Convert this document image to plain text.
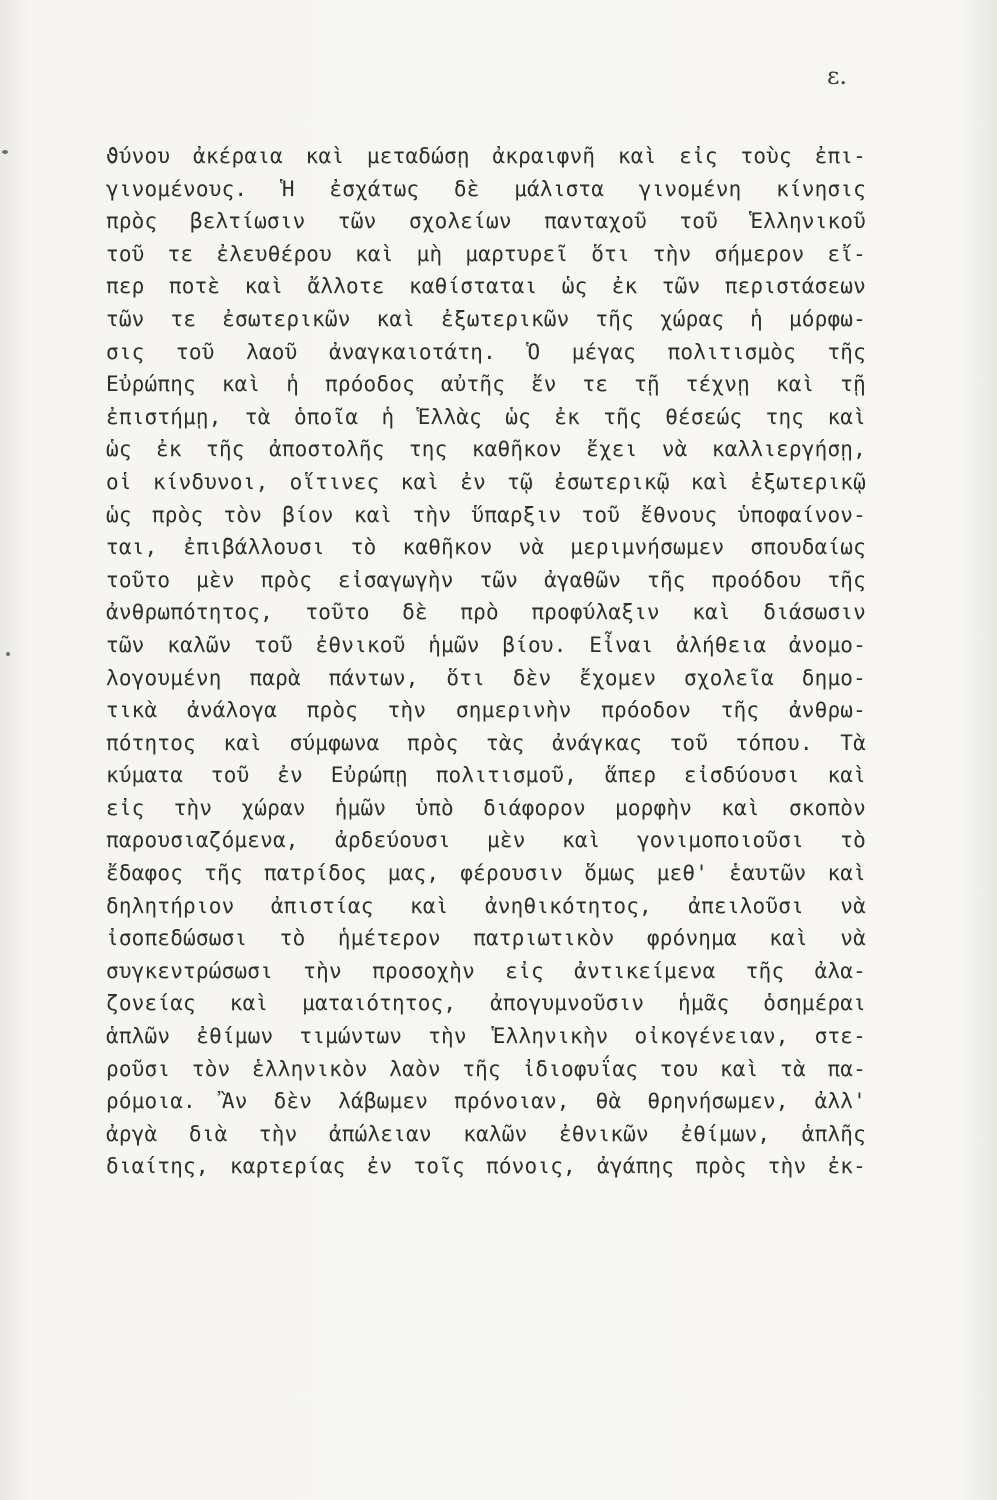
ε.
ϑύνου ἀκέραια καὶ μεταδώσῃ ἀκραιφνῆ καὶ εἰς τοὺς ἐπι-
γινομένους. Ἡ ἐσχάτως δὲ μάλιστα γινομένη κίνησις
πρὸς βελτίωσιν τῶν σχολείων πανταχοῦ τοῦ Ἑλληνικοῦ
τοῦ τε ἐλευθέρου καὶ μὴ μαρτυρεῖ ὅτι τὴν σήμερον εἴ-
περ ποτὲ καὶ ἄλλοτε καθίσταται ὡς ἐκ τῶν περιστάσεων
τῶν τε ἐσωτερικῶν καὶ ἐξωτερικῶν τῆς χώρας ἡ μόρφω-
σις τοῦ λαοῦ ἀναγκαιοτάτη. Ὁ μέγας πολιτισμὸς τῆς
Εὐρώπης καὶ ἡ πρόοδος αὐτῆς ἔν τε τῇ τέχνῃ καὶ τῇ
ἐπιστήμῃ, τὰ ὁποῖα ἡ Ἑλλὰς ὡς ἐκ τῆς θέσεώς της καὶ
ὡς ἐκ τῆς ἀποστολῆς της καθῆκον ἔχει νὰ καλλιεργήσῃ,
οἱ κίνδυνοι, οἵτινες καὶ ἐν τῷ ἐσωτερικῷ καὶ ἐξωτερικῷ
ὡς πρὸς τὸν βίον καὶ τὴν ὕπαρξιν τοῦ ἔθνους ὑποφαίνον-
ται, ἐπιβάλλουσι τὸ καθῆκον νὰ μεριμνήσωμεν σπουδαίως
τοῦτο μὲν πρὸς εἰσαγωγὴν τῶν ἀγαθῶν τῆς προόδου τῆς
ἀνθρωπότητος, τοῦτο δὲ πρὸ προφύλαξιν καὶ διάσωσιν
τῶν καλῶν τοῦ ἐθνικοῦ ἡμῶν βίου. Εἶναι ἀλήθεια ἀνομο-
λογουμένη παρὰ πάντων, ὅτι δὲν ἔχομεν σχολεῖα δημο-
τικὰ ἀνάλογα πρὸς τὴν σημερινὴν πρόοδον τῆς ἀνθρω-
πότητος καὶ σύμφωνα πρὸς τὰς ἀνάγκας τοῦ τόπου. Τὰ
κύματα τοῦ ἐν Εὐρώπῃ πολιτισμοῦ, ἅπερ εἰσδύουσι καὶ
εἰς τὴν χώραν ἡμῶν ὑπὸ διάφορον μορφὴν καὶ σκοπὸν
παρουσιαζόμενα, ἀρδεύουσι μὲν καὶ γονιμοποιοῦσι τὸ
ἔδαφος τῆς πατρίδος μας, φέρουσιν ὅμως μεθ' ἑαυτῶν καὶ
δηλητήριον ἀπιστίας καὶ ἀνηθικότητος, ἀπειλοῦσι νὰ
ἰσοπεδώσωσι τὸ ἡμέτερον πατριωτικὸν φρόνημα καὶ νὰ
συγκεντρώσωσι τὴν προσοχὴν εἰς ἀντικείμενα τῆς ἀλα-
ζονείας καὶ ματαιότητος, ἀπογυμνοῦσιν ἡμᾶς ὁσημέραι
ἁπλῶν ἐθίμων τιμώντων τὴν Ἑλληνικὴν οἰκογένειαν, στε-
ροῦσι τὸν ἑλληνικὸν λαὸν τῆς ἰδιοφυΐας του καὶ τὰ πα-
ρόμοια. Ἂν δὲν λάβωμεν πρόνοιαν, θὰ θρηνήσωμεν, ἀλλ'
ἀργὰ διὰ τὴν ἀπώλειαν καλῶν ἐθνικῶν ἐθίμων, ἁπλῆς
διαίτης, καρτερίας ἐν τοῖς πόνοις, ἀγάπης πρὸς τὴν ἐκ-
